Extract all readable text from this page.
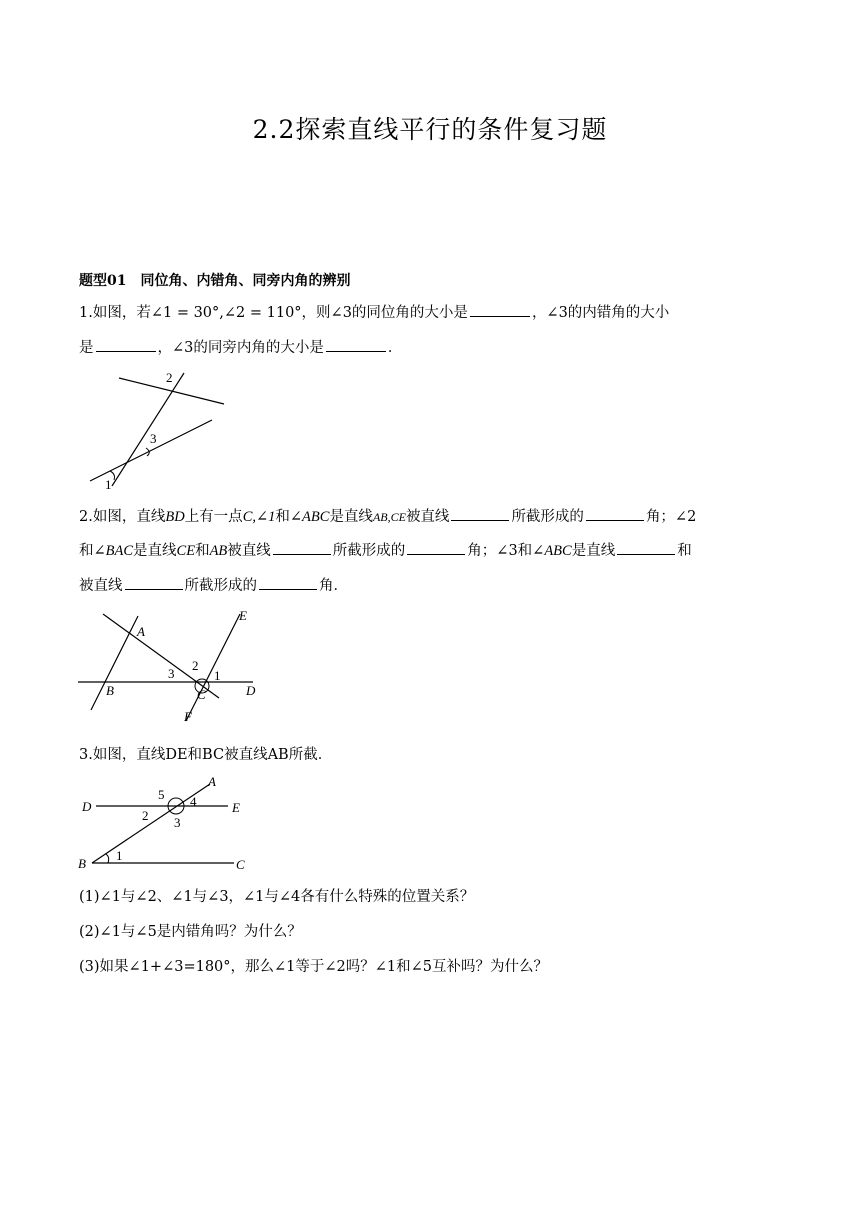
2.2探索直线平行的条件复习题
题型01　同位角、内错角、同旁内角的辨别
1.如图，若∠1 = 30°,∠2 = 110°，则∠3的同位角的大小是	，∠3的内错角的大小
是	，∠3的同旁内角的大小是	．
2
3
1
2.如图，直线BD上有一点C,∠1和∠ABC是直线AB,CE被直线	所截形成的	角；∠2
和∠BAC是直线CE和AB被直线	所截形成的	角；∠3和∠ABC是直线	和
被直线	所截形成的	角．
E
A
2
3	1
B	C	D
F
3.如图，直线DE和BC被直线AB所截．
A
5 4
D	E
2 3
B
1
C
(1)∠1与∠2、∠1与∠3，∠1与∠4各有什么特殊的位置关系？
(2)∠1与∠5是内错角吗？为什么？
(3)如果∠1+∠3=180°，那么∠1等于∠2吗？∠1和∠5互补吗？为什么？
